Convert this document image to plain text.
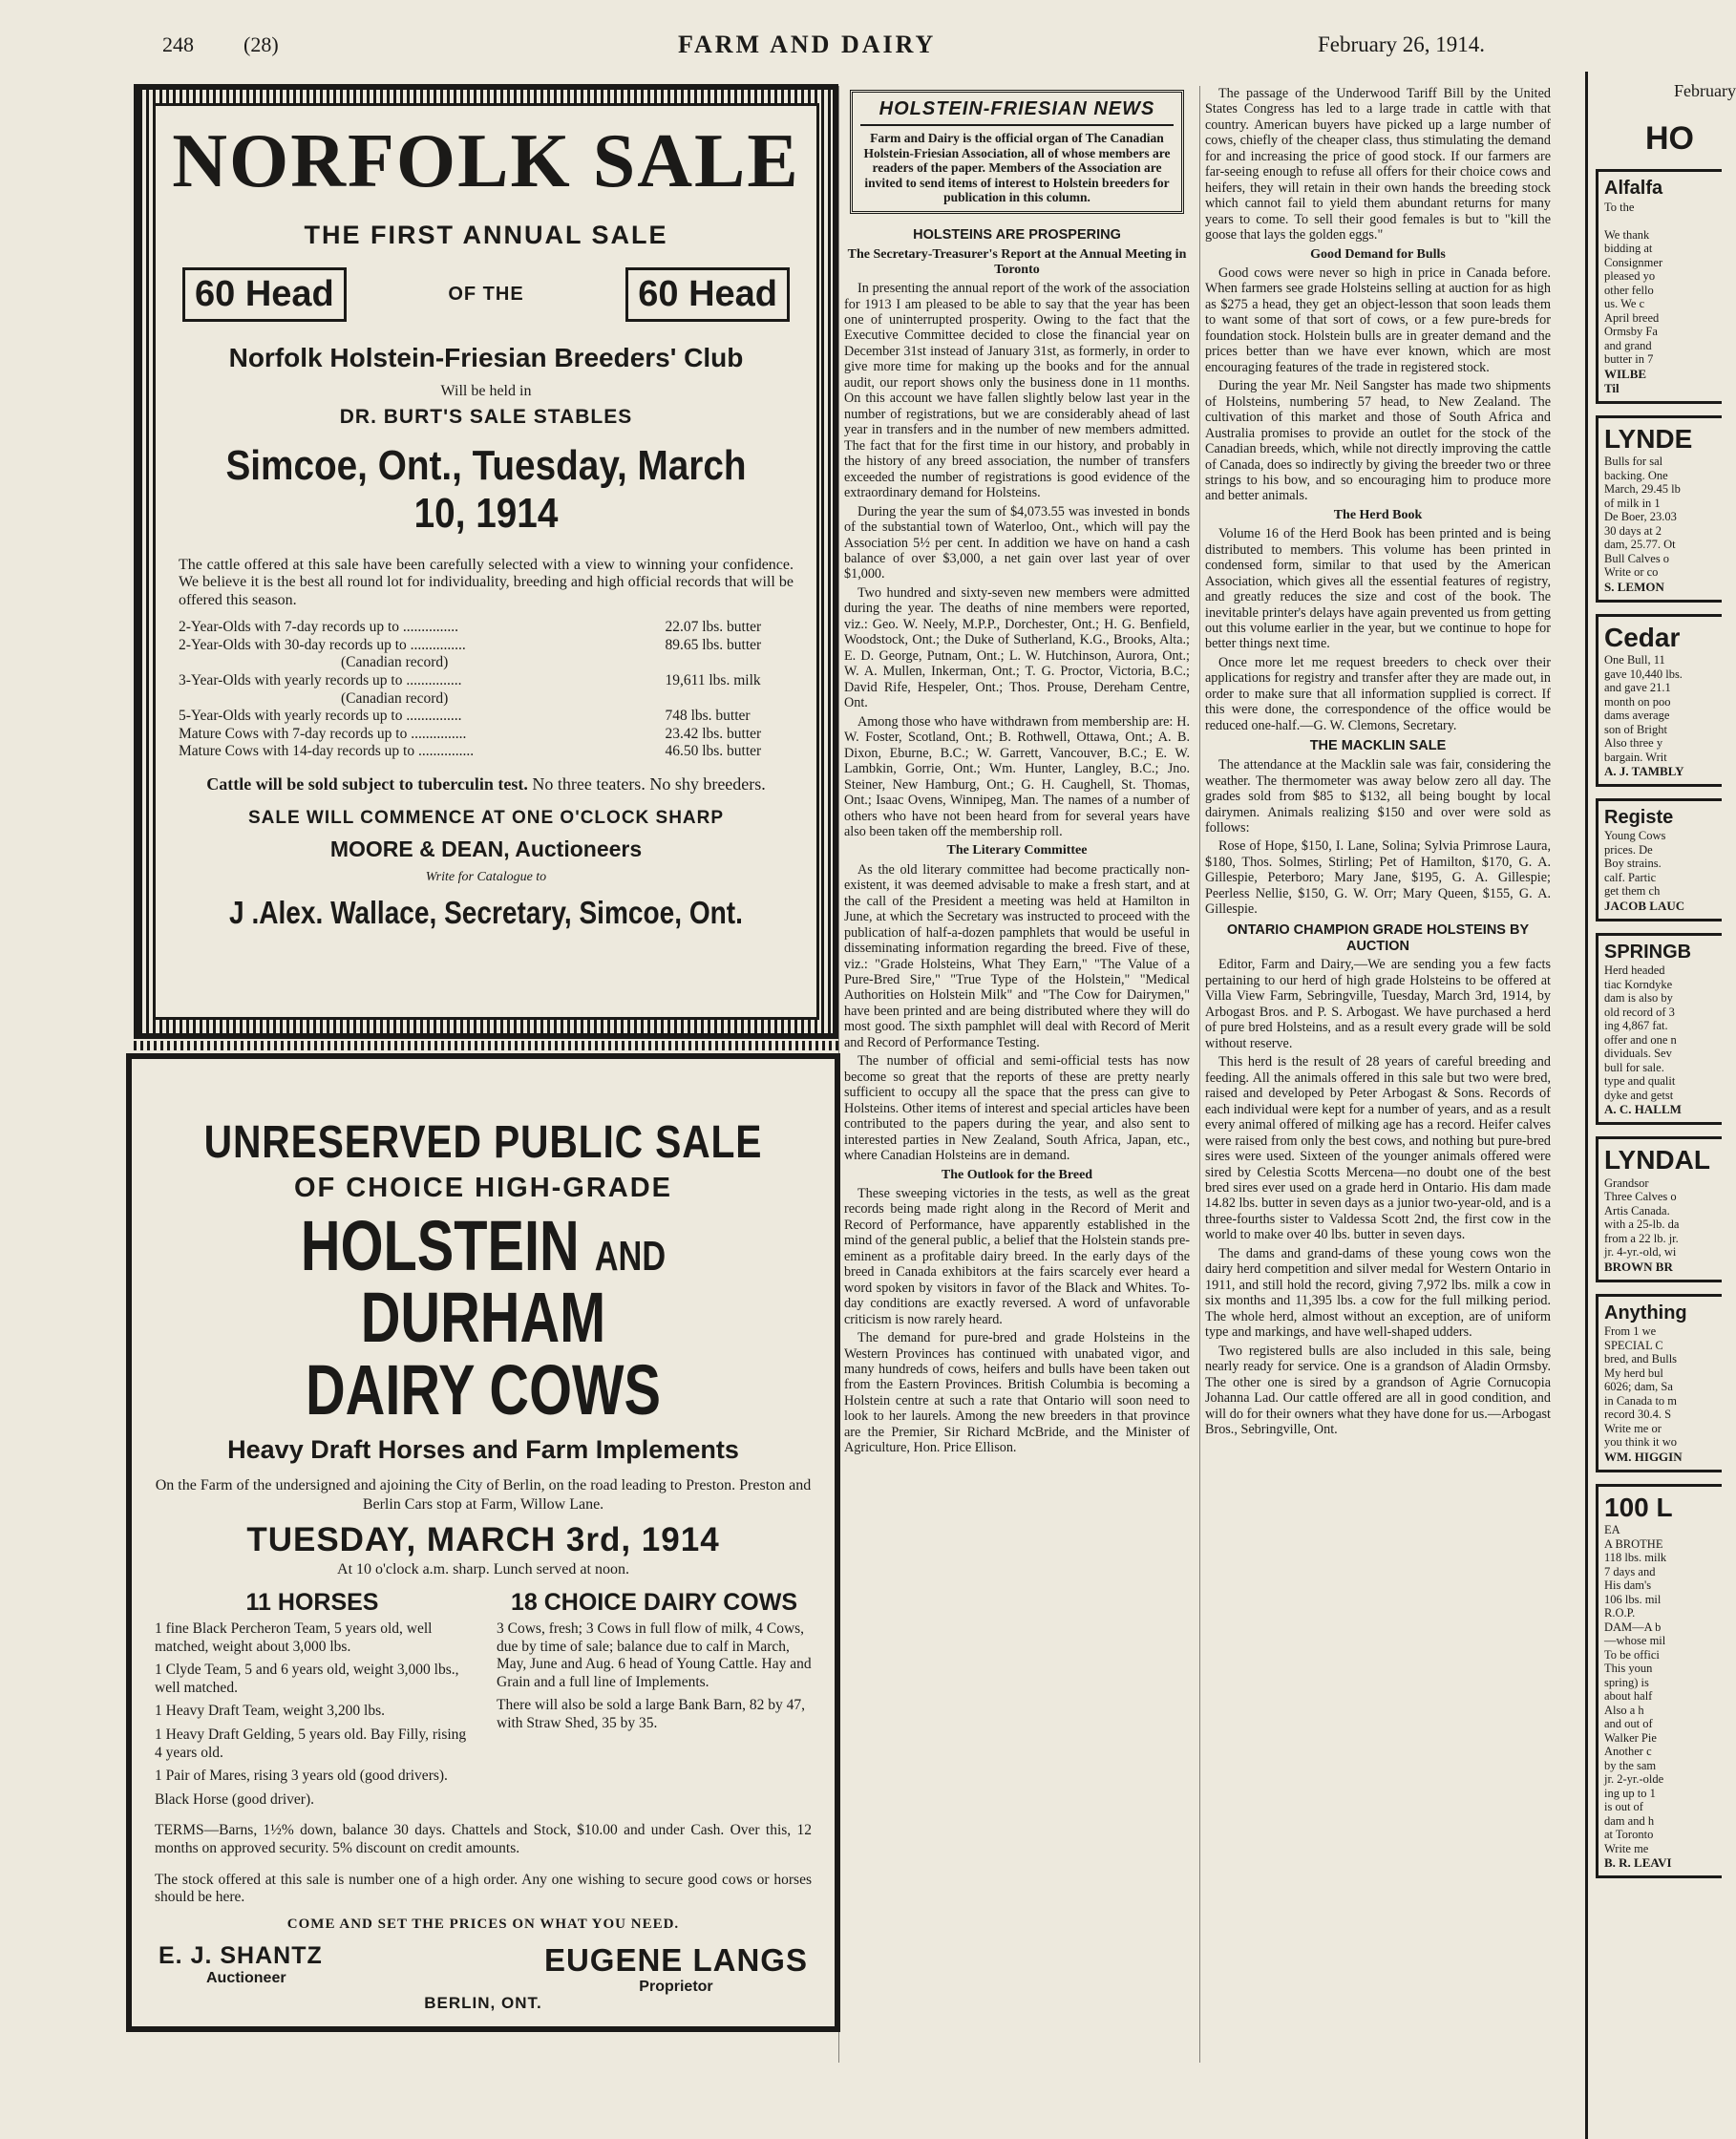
248 (28)	FARM AND DAIRY	February 26, 1914.
NORFOLK SALE
THE FIRST ANNUAL SALE
60 Head	OF THE	60 Head
Norfolk Holstein-Friesian Breeders' Club
Will be held in
DR. BURT'S SALE STABLES
Simcoe, Ont., Tuesday, March 10, 1914
The cattle offered at this sale have been carefully selected with a view to winning your confidence. We believe it is the best all round lot for individuality, breeding and high official records that will be offered this season.
2-Year-Olds with 7-day records up to ...............	22.07 lbs. butter
2-Year-Olds with 30-day records up to ...............	89.65 lbs. butter
(Canadian record)
3-Year-Olds with yearly records up to ...............	19,611 lbs. milk
(Canadian record)
5-Year-Olds with yearly records up to ...............	748 lbs. butter
Mature Cows with 7-day records up to ...............	23.42 lbs. butter
Mature Cows with 14-day records up to ...............	46.50 lbs. butter
Cattle will be sold subject to tuberculin test. No three teaters. No shy breeders.
SALE WILL COMMENCE AT ONE O'CLOCK SHARP
MOORE & DEAN, Auctioneers
Write for Catalogue to
J .Alex. Wallace, Secretary, Simcoe, Ont.
UNRESERVED PUBLIC SALE
OF CHOICE HIGH-GRADE
HOLSTEIN AND DURHAM
DAIRY COWS
Heavy Draft Horses and Farm Implements
On the Farm of the undersigned and ajoining the City of Berlin, on the road leading to Preston. Preston and Berlin Cars stop at Farm, Willow Lane.
TUESDAY, MARCH 3rd, 1914
At 10 o'clock a.m. sharp. Lunch served at noon.
11 HORSES

1 fine Black Percheron Team, 5 years old, well matched, weight about 3,000 lbs.

1 Clyde Team, 5 and 6 years old, weight 3,000 lbs., well matched.

1 Heavy Draft Team, weight 3,200 lbs.

1 Heavy Draft Gelding, 5 years old. Bay Filly, rising 4 years old.

1 Pair of Mares, rising 3 years old (good drivers).

Black Horse (good driver).

18 CHOICE DAIRY COWS

3 Cows, fresh; 3 Cows in full flow of milk, 4 Cows, due by time of sale; balance due to calf in March, May, June and Aug. 6 head of Young Cattle. Hay and Grain and a full line of Implements.

There will also be sold a large Bank Barn, 82 by 47, with Straw Shed, 35 by 35.

TERMS—Barns, 1½% down, balance 30 days. Chattels and Stock, $10.00 and under Cash. Over this, 12 months on approved security. 5% discount on credit amounts.
The stock offered at this sale is number one of a high order. Any one wishing to secure good cows or horses should be here.
COME AND SET THE PRICES ON WHAT YOU NEED.
E. J. SHANTZ
Auctioneer
EUGENE LANGS
Proprietor
BERLIN, ONT.
HOLSTEIN-FRIESIAN NEWS
Farm and Dairy is the official organ of The Canadian Holstein-Friesian Association, all of whose members are readers of the paper. Members of the Association are invited to send items of interest to Holstein breeders for publication in this column.
HOLSTEINS ARE PROSPERING
The Secretary-Treasurer's Report at the Annual Meeting in Toronto

In presenting the annual report of the work of the association for 1913 I am pleased to be able to say that the year has been one of uninterrupted prosperity. Owing to the fact that the Executive Committee decided to close the financial year on December 31st instead of January 31st, as formerly, in order to give more time for making up the books and for the annual audit, our report shows only the business done in 11 months. On this account we have fallen slightly below last year in the number of registrations, but we are considerably ahead of last year in transfers and in the number of new members admitted. The fact that for the first time in our history, and probably in the history of any breed association, the number of transfers exceeded the number of registrations is good evidence of the extraordinary demand for Holsteins.

During the year the sum of $4,073.55 was invested in bonds of the substantial town of Waterloo, Ont., which will pay the Association 5½ per cent. In addition we have on hand a cash balance of over $3,000, a net gain over last year of over $1,000.

Two hundred and sixty-seven new members were admitted during the year. The deaths of nine members were reported, viz.: Geo. W. Neely, M.P.P., Dorchester, Ont.; H. G. Benfield, Woodstock, Ont.; the Duke of Sutherland, K.G., Brooks, Alta.; E. D. George, Putnam, Ont.; L. W. Hutchinson, Aurora, Ont.; W. A. Mullen, Inkerman, Ont.; T. G. Proctor, Victoria, B.C.; David Rife, Hespeler, Ont.; Thos. Prouse, Dereham Centre, Ont.

Among those who have withdrawn from membership are: H. W. Foster, Scotland, Ont.; B. Rothwell, Ottawa, Ont.; A. B. Dixon, Eburne, B.C.; W. Garrett, Vancouver, B.C.; E. W. Lambkin, Gorrie, Ont.; Wm. Hunter, Langley, B.C.; Jno. Steiner, New Hamburg, Ont.; G. H. Caughell, St. Thomas, Ont.; Isaac Ovens, Winnipeg, Man. The names of a number of others who have not been heard from for several years have also been taken off the membership roll.

The Literary Committee

As the old literary committee had become practically non-existent, it was deemed advisable to make a fresh start, and at the call of the President a meeting was held at Hamilton in June, at which the Secretary was instructed to proceed with the publication of half-a-dozen pamphlets that would be useful in disseminating information regarding the breed. Five of these, viz.: "Grade Holsteins, What They Earn," "The Value of a Pure-Bred Sire," "True Type of the Holstein," "Medical Authorities on Holstein Milk" and "The Cow for Dairymen," have been printed and are being distributed where they will do most good. The sixth pamphlet will deal with Record of Merit and Record of Performance Testing.

The number of official and semi-official tests has now become so great that the reports of these are pretty nearly sufficient to occupy all the space that the press can give to Holsteins. Other items of interest and special articles have been contributed to the papers during the year, and also sent to interested parties in New Zealand, South Africa, Japan, etc., where Canadian Holsteins are in demand.

The Outlook for the Breed

These sweeping victories in the tests, as well as the great records being made right along in the Record of Merit and Record of Performance, have apparently established in the mind of the general public, a belief that the Holstein stands pre-eminent as a profitable dairy breed. In the early days of the breed in Canada exhibitors at the fairs scarcely ever heard a word spoken by visitors in favor of the Black and Whites. To-day conditions are exactly reversed. A word of unfavorable criticism is now rarely heard.

The demand for pure-bred and grade Holsteins in the Western Provinces has continued with unabated vigor, and many hundreds of cows, heifers and bulls have been taken out from the Eastern Provinces. British Columbia is becoming a Holstein centre at such a rate that Ontario will soon need to look to her laurels. Among the new breeders in that province are the Premier, Sir Richard McBride, and the Minister of Agriculture, Hon. Price Ellison.

The passage of the Underwood Tariff Bill by the United States Congress has led to a large trade in cattle with that country. American buyers have picked up a large number of cows, chiefly of the cheaper class, thus stimulating the demand for and increasing the price of good stock. If our farmers are far-seeing enough to refuse all offers for their choice cows and heifers, they will retain in their own hands the breeding stock which cannot fail to yield them abundant returns for many years to come. To sell their good females is but to "kill the goose that lays the golden eggs."

Good Demand for Bulls

Good cows were never so high in price in Canada before. When farmers see grade Holsteins selling at auction for as high as $275 a head, they get an object-lesson that soon leads them to want some of that sort of cows, or a few pure-breds for foundation stock. Holstein bulls are in greater demand and the prices better than we have ever known, which are most encouraging features of the trade in registered stock.

During the year Mr. Neil Sangster has made two shipments of Holsteins, numbering 57 head, to New Zealand. The cultivation of this market and those of South Africa and Australia promises to provide an outlet for the stock of the Canadian breeds, which, while not directly improving the cattle of Canada, does so indirectly by giving the breeder two or three strings to his bow, and so encouraging him to produce more and better animals.

The Herd Book

Volume 16 of the Herd Book has been printed and is being distributed to members. This volume has been printed in condensed form, similar to that used by the American Association, which gives all the essential features of registry, and greatly reduces the size and cost of the book. The inevitable printer's delays have again prevented us from getting out this volume earlier in the year, but we continue to hope for better things next time.

Once more let me request breeders to check over their applications for registry and transfer after they are made out, in order to make sure that all information supplied is correct. If this were done, the correspondence of the office would be reduced one-half.—G. W. Clemons, Secretary.

THE MACKLIN SALE

The attendance at the Macklin sale was fair, considering the weather. The thermometer was away below zero all day. The grades sold from $85 to $132, all being bought by local dairymen. Animals realizing $150 and over were sold as follows:

Rose of Hope, $150, I. Lane, Solina; Sylvia Primrose Laura, $180, Thos. Solmes, Stirling; Pet of Hamilton, $170, G. A. Gillespie, Peterboro; Mary Jane, $195, G. A. Gillespie; Peerless Nellie, $150, G. W. Orr; Mary Queen, $155, G. A. Gillespie.

ONTARIO CHAMPION GRADE HOLSTEINS BY AUCTION

Editor, Farm and Dairy,—We are sending you a few facts pertaining to our herd of high grade Holsteins to be offered at Villa View Farm, Sebringville, Tuesday, March 3rd, 1914, by Arbogast Bros. and P. S. Arbogast. We have purchased a herd of pure bred Holsteins, and as a result every grade will be sold without reserve.

This herd is the result of 28 years of careful breeding and feeding. All the animals offered in this sale but two were bred, raised and developed by Peter Arbogast & Sons. Records of each individual were kept for a number of years, and as a result every animal offered of milking age has a record. Heifer calves were raised from only the best cows, and nothing but pure-bred sires were used. Sixteen of the younger animals offered were sired by Celestia Scotts Mercena—no doubt one of the best bred sires ever used on a grade herd in Ontario. His dam made 14.82 lbs. butter in seven days as a junior two-year-old, and is a three-fourths sister to Valdessa Scott 2nd, the first cow in the world to make over 40 lbs. butter in seven days.

The dams and grand-dams of these young cows won the dairy herd competition and silver medal for Western Ontario in 1911, and still hold the record, giving 7,972 lbs. milk a cow in six months and 11,395 lbs. a cow for the full milking period. The whole herd, almost without an exception, are of uniform type and markings, and have well-shaped udders.

Two registered bulls are also included in this sale, being nearly ready for service. One is a grandson of Aladin Ormsby. The other one is sired by a grandson of Agrie Cornucopia Johanna Lad. Our cattle offered are all in good condition, and will do for their owners what they have done for us.—Arbogast Bros., Sebringville, Ont.

February
HO
Alfalfa
To the

We thank
bidding at
Consignmer
pleased yo
other fello
us. We c
April breed
Ormsby Fa
and grand
butter in 7
WILBE
Til
LYNDE
Bulls for sal
backing. One
March, 29.45 lb
of milk in 1
De Boer, 23.03
30 days at 2
dam, 25.77. Ot
Bull Calves o
Write or co
S. LEMON
Cedar
One Bull, 11
gave 10,440 lbs.
and gave 21.1
month on poo
dams average
son of Bright
Also three y
bargain. Writ
A. J. TAMBLY
Registe
Young Cows
prices. De
Boy strains.
calf. Partic
get them ch
JACOB LAUC
SPRINGB
Herd headed
tiac Korndyke
dam is also by
old record of 3
ing 4,867 fat.
offer and one n
dividuals. Sev
bull for sale.
type and qualit
dyke and getst
A. C. HALLM
LYNDAL
Grandsor
Three Calves o
Artis Canada.
with a 25-lb. da
from a 22 lb. jr.
jr. 4-yr.-old, wi
BROWN BR
Anything
From 1 we
SPECIAL C
bred, and Bulls
My herd bul
6026; dam, Sa
in Canada to m
record 30.4. S
Write me or
you think it wo
WM. HIGGIN
100 L
EA
A BROTHE
118 lbs. milk
7 days and
His dam's
106 lbs. mil
R.O.P.
DAM—A b
—whose mil
To be offici
This youn
spring) is
about half
Also a h
and out of
Walker Pie
Another c
by the sam
jr. 2-yr.-olde
ing up to 1
is out of
dam and h
at Toronto
Write me
B. R. LEAVI
